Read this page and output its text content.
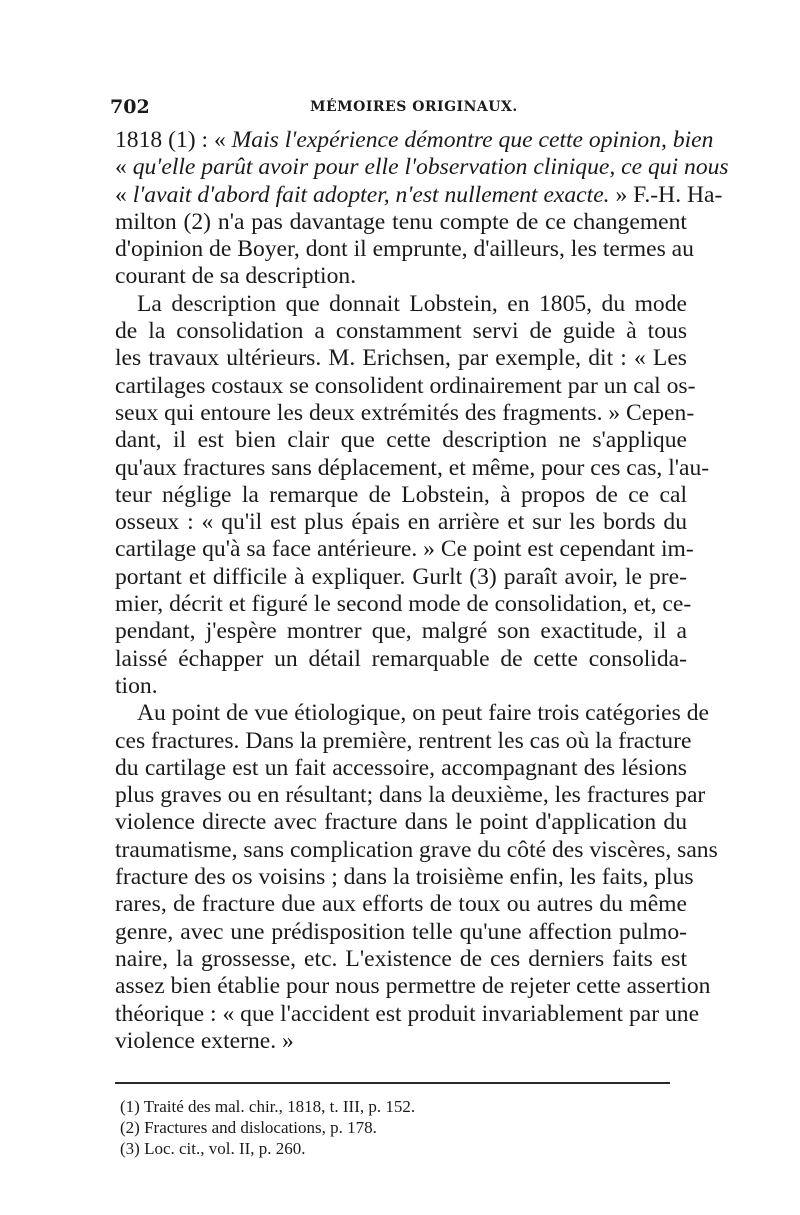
702	MÉMOIRES ORIGINAUX.
1818 (1) : « Mais l'expérience démontre que cette opinion, bien
« qu'elle parût avoir pour elle l'observation clinique, ce qui nous
« l'avait d'abord fait adopter, n'est nullement exacte. » F.-H. Ha-
milton (2) n'a pas davantage tenu compte de ce changement
d'opinion de Boyer, dont il emprunte, d'ailleurs, les termes au
courant de sa description.
La description que donnait Lobstein, en 1805, du mode
de la consolidation a constamment servi de guide à tous
les travaux ultérieurs. M. Erichsen, par exemple, dit : « Les
cartilages costaux se consolident ordinairement par un cal os-
seux qui entoure les deux extrémités des fragments. » Cepen-
dant, il est bien clair que cette description ne s'applique
qu'aux fractures sans déplacement, et même, pour ces cas, l'au-
teur néglige la remarque de Lobstein, à propos de ce cal
osseux : « qu'il est plus épais en arrière et sur les bords du
cartilage qu'à sa face antérieure. » Ce point est cependant im-
portant et difficile à expliquer. Gurlt (3) paraît avoir, le pre-
mier, décrit et figuré le second mode de consolidation, et, ce-
pendant, j'espère montrer que, malgré son exactitude, il a
laissé échapper un détail remarquable de cette consolida-
tion.
Au point de vue étiologique, on peut faire trois catégories de
ces fractures. Dans la première, rentrent les cas où la fracture
du cartilage est un fait accessoire, accompagnant des lésions
plus graves ou en résultant; dans la deuxième, les fractures par
violence directe avec fracture dans le point d'application du
traumatisme, sans complication grave du côté des viscères, sans
fracture des os voisins ; dans la troisième enfin, les faits, plus
rares, de fracture due aux efforts de toux ou autres du même
genre, avec une prédisposition telle qu'une affection pulmo-
naire, la grossesse, etc. L'existence de ces derniers faits est
assez bien établie pour nous permettre de rejeter cette assertion
théorique : « que l'accident est produit invariablement par une
violence externe. »
(1) Traité des mal. chir., 1818, t. III, p. 152.
(2) Fractures and dislocations, p. 178.
(3) Loc. cit., vol. II, p. 260.
